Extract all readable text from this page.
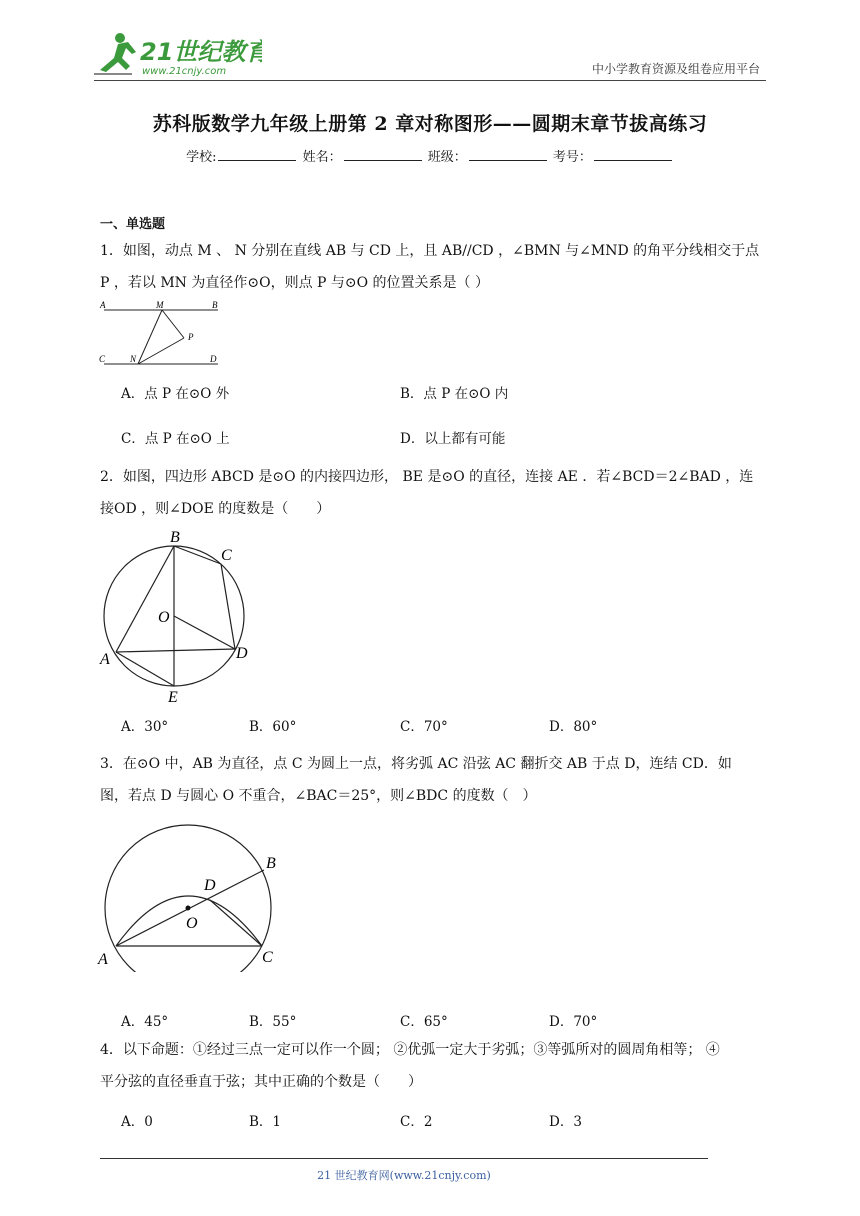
21世纪教育
www.21cnjy.com	中小学教育资源及组卷应用平台
苏科版数学九年级上册第 2 章对称图形——圆期末章节拔高练习
学校:	姓名：	班级：	考号：
一、单选题
1．如图，动点 M 、 N 分别在直线 AB 与 CD 上，且 AB//CD ，∠BMN 与∠MND 的角平分线相交于点
P ，若以 MN 为直径作⊙O，则点 P 与⊙O 的位置关系是（ ）
A	M	B
P
C	N	D
A．点 P 在⊙O 外	B．点 P 在⊙O 内
C．点 P 在⊙O 上	D．以上都有可能
2．如图，四边形 ABCD 是⊙O 的内接四边形， BE 是⊙O 的直径，连接 AE ．若∠BCD＝2∠BAD ，连
接OD ，则∠DOE 的度数是（　　）
B
C
O
A	D
E
A．30°	B．60°	C．70°	D．80°
3．在⊙O 中，AB 为直径，点 C 为圆上一点，将劣弧 AC 沿弦 AC 翻折交 AB 于点 D，连结 CD．如
图，若点 D 与圆心 O 不重合，∠BAC＝25°，则∠BDC 的度数（　）
B
D
O
A	C
A．45°	B．55°	C．65°	D．70°
4．以下命题：①经过三点一定可以作一个圆； ②优弧一定大于劣弧；③等弧所对的圆周角相等； ④
平分弦的直径垂直于弦；其中正确的个数是（　　）
A．0	B．1	C．2	D．3
21 世纪教育网(www.21cnjy.com)
